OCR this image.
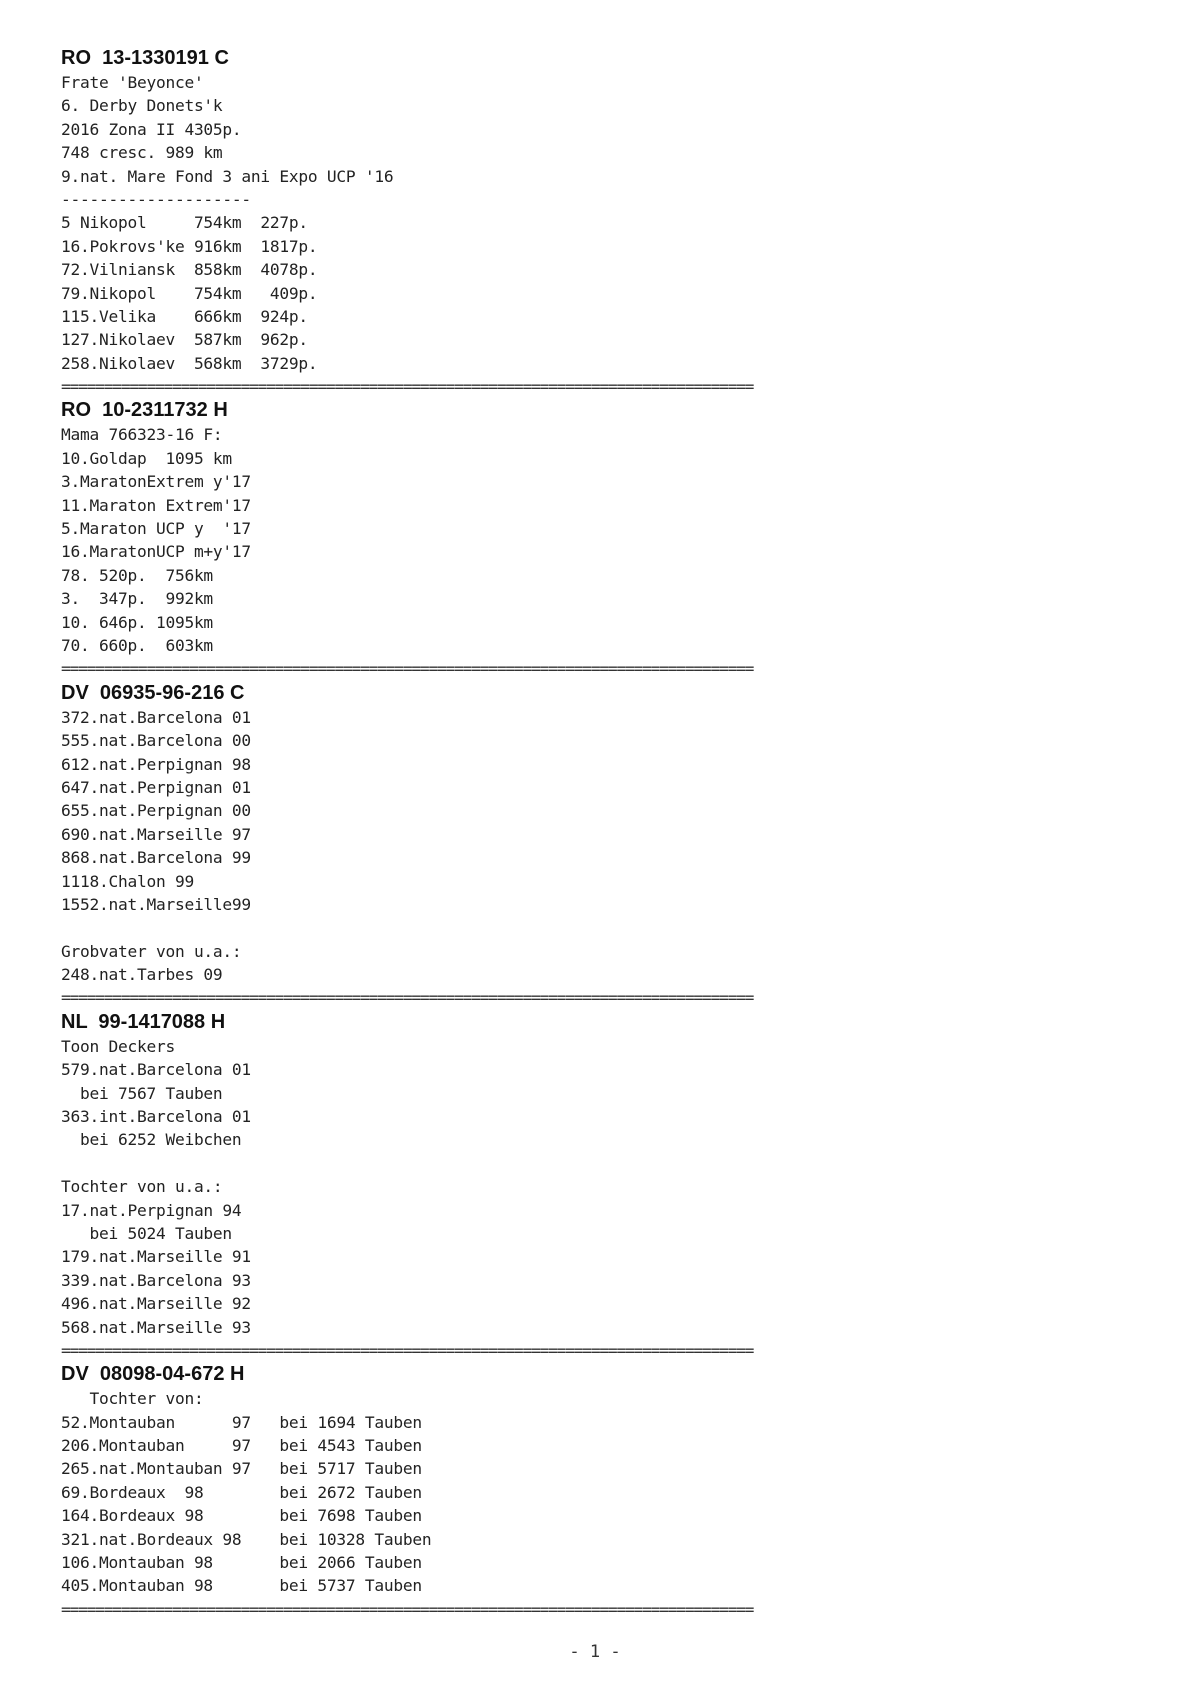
RO  13-1330191 C
Frate 'Beyonce'
6. Derby Donets'k
2016 Zona II 4305p.
748 cresc. 989 km
9.nat. Mare Fond 3 ani Expo UCP '16
--------------------
5 Nikopol     754km  227p.
16.Pokrovs'ke 916km  1817p.
72.Vilniansk  858km  4078p.
79.Nikopol    754km   409p.
115.Velika    666km  924p.
127.Nikolaev  587km  962p.
258.Nikolaev  568km  3729p.
=================================================================================
RO  10-2311732 H
Mama 766323-16 F:
10.Goldap  1095 km
3.MaratonExtrem y'17
11.Maraton Extrem'17
5.Maraton UCP y  '17
16.MaratonUCP m+y'17
78. 520p.  756km
3.  347p.  992km
10. 646p. 1095km
70. 660p.  603km
=================================================================================
DV  06935-96-216 C
372.nat.Barcelona 01
555.nat.Barcelona 00
612.nat.Perpignan 98
647.nat.Perpignan 01
655.nat.Perpignan 00
690.nat.Marseille 97
868.nat.Barcelona 99
1118.Chalon 99
1552.nat.Marseille99
Grobvater von u.a.:
248.nat.Tarbes 09
=================================================================================
NL  99-1417088 H
Toon Deckers
579.nat.Barcelona 01
bei 7567 Tauben
363.int.Barcelona 01
bei 6252 Weibchen
Tochter von u.a.:
17.nat.Perpignan 94
bei 5024 Tauben
179.nat.Marseille 91
339.nat.Barcelona 93
496.nat.Marseille 92
568.nat.Marseille 93
=================================================================================
DV  08098-04-672 H
Tochter von:
52.Montauban      97   bei 1694 Tauben
206.Montauban     97   bei 4543 Tauben
265.nat.Montauban 97   bei 5717 Tauben
69.Bordeaux  98        bei 2672 Tauben
164.Bordeaux 98        bei 7698 Tauben
321.nat.Bordeaux 98    bei 10328 Tauben
106.Montauban 98       bei 2066 Tauben
405.Montauban 98       bei 5737 Tauben
=================================================================================
- 1 -
